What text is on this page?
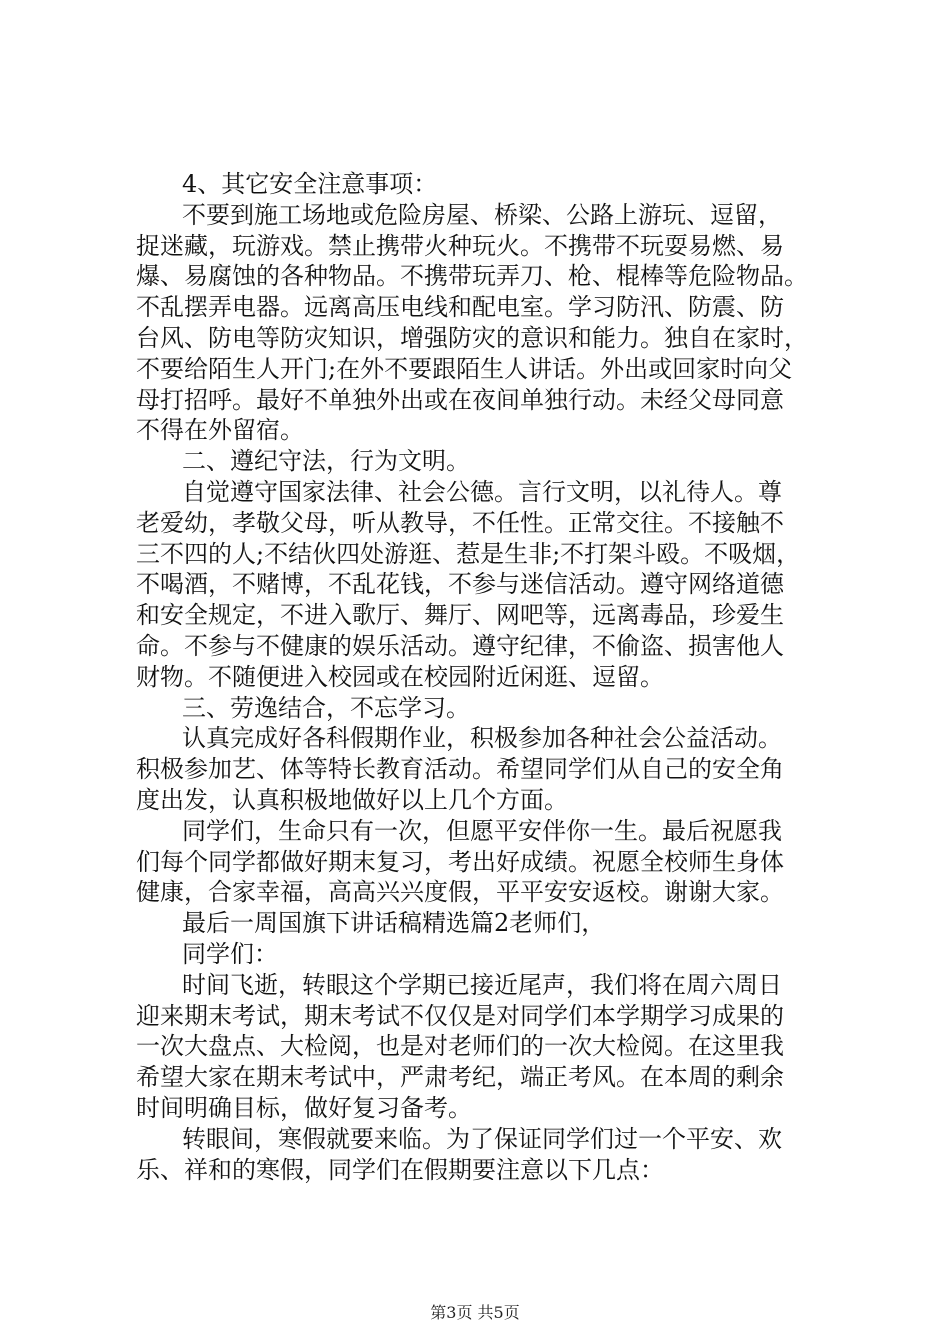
4、其它安全注意事项：
不要到施工场地或危险房屋、桥梁、公路上游玩、逗留，
捉迷藏，玩游戏。禁止携带火种玩火。不携带不玩耍易燃、易
爆、易腐蚀的各种物品。不携带玩弄刀、枪、棍棒等危险物品。
不乱摆弄电器。远离高压电线和配电室。学习防汛、防震、防
台风、防电等防灾知识，增强防灾的意识和能力。独自在家时，
不要给陌生人开门;在外不要跟陌生人讲话。外出或回家时向父
母打招呼。最好不单独外出或在夜间单独行动。未经父母同意
不得在外留宿。
二、遵纪守法，行为文明。
自觉遵守国家法律、社会公德。言行文明，以礼待人。尊
老爱幼，孝敬父母，听从教导，不任性。正常交往。不接触不
三不四的人;不结伙四处游逛、惹是生非;不打架斗殴。不吸烟，
不喝酒，不赌博，不乱花钱，不参与迷信活动。遵守网络道德
和安全规定，不进入歌厅、舞厅、网吧等，远离毒品，珍爱生
命。不参与不健康的娱乐活动。遵守纪律，不偷盗、损害他人
财物。不随便进入校园或在校园附近闲逛、逗留。
三、劳逸结合，不忘学习。
认真完成好各科假期作业，积极参加各种社会公益活动。
积极参加艺、体等特长教育活动。希望同学们从自己的安全角
度出发，认真积极地做好以上几个方面。
同学们，生命只有一次，但愿平安伴你一生。最后祝愿我
们每个同学都做好期末复习，考出好成绩。祝愿全校师生身体
健康，合家幸福，高高兴兴度假，平平安安返校。谢谢大家。
最后一周国旗下讲话稿精选篇2老师们，
同学们：
时间飞逝，转眼这个学期已接近尾声，我们将在周六周日
迎来期末考试，期末考试不仅仅是对同学们本学期学习成果的
一次大盘点、大检阅，也是对老师们的一次大检阅。在这里我
希望大家在期末考试中，严肃考纪，端正考风。在本周的剩余
时间明确目标，做好复习备考。
转眼间，寒假就要来临。为了保证同学们过一个平安、欢
乐、祥和的寒假，同学们在假期要注意以下几点：
第3页 共5页
